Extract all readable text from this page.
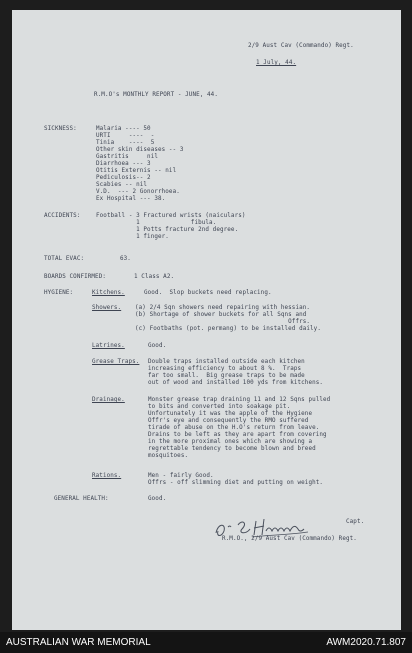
2/9 Aust Cav (Commando) Regt.
1 July, 44.
R.M.O's MONTHLY REPORT - JUNE, 44.
SICKNESS:	Malaria ---- 50
URTI     ----  -
Tinia    ----  5
Other skin diseases -- 3
Gastritis     nil
Diarrhoea --- 3
Otitis Externis -- nil
Pediculosis-- 2
Scabies -- nil
V.D.  --- 2 Gonorrhoea.
Ex Hospital --- 38.
ACCIDENTS:	Football - 3 Fractured wrists (naiculars)
1              fibula.
1 Potts fracture 2nd degree.
1 finger.
TOTAL EVAC:	63.
BOARDS CONFIRMED:	1 Class A2.
HYGIENE:	Kitchens.	Good.  Slop buckets need replacing.
Showers. (a) 2/4 Sqn showers need repairing with hessian.
(b) Shortage of shower buckets for all Sqns and
Offrs.
(c) Footbaths (pot. permang) to be installed daily.
Latrines.	Good.
Grease Traps. Double traps installed outside each kitchen
increasing efficiency to about 8 %.  Traps
far too small.  Big grease traps to be made
out of wood and installed 100 yds from kitchens.
Drainage.	Monster grease trap draining 11 and 12 Sqns pulled
to bits and converted into soakage pit.
Unfortunately it was the apple of the Hygiene
Offr's eye and consequently the RMO suffered
tirade of abuse on the H.O's return from leave.
Drains to be left as they are apart from covering
in the more proximal ones which are showing a
regrettable tendency to become blown and breed
mosquitoes.
Rations.	Men - fairly Good.
Offrs - off slimming diet and putting on weight.
GENERAL HEALTH:	Good.
Capt.
R.M.O., 2/9 Aust Cav (Commando) Regt.
AUSTRALIAN WAR MEMORIAL	AWM2020.71.807
